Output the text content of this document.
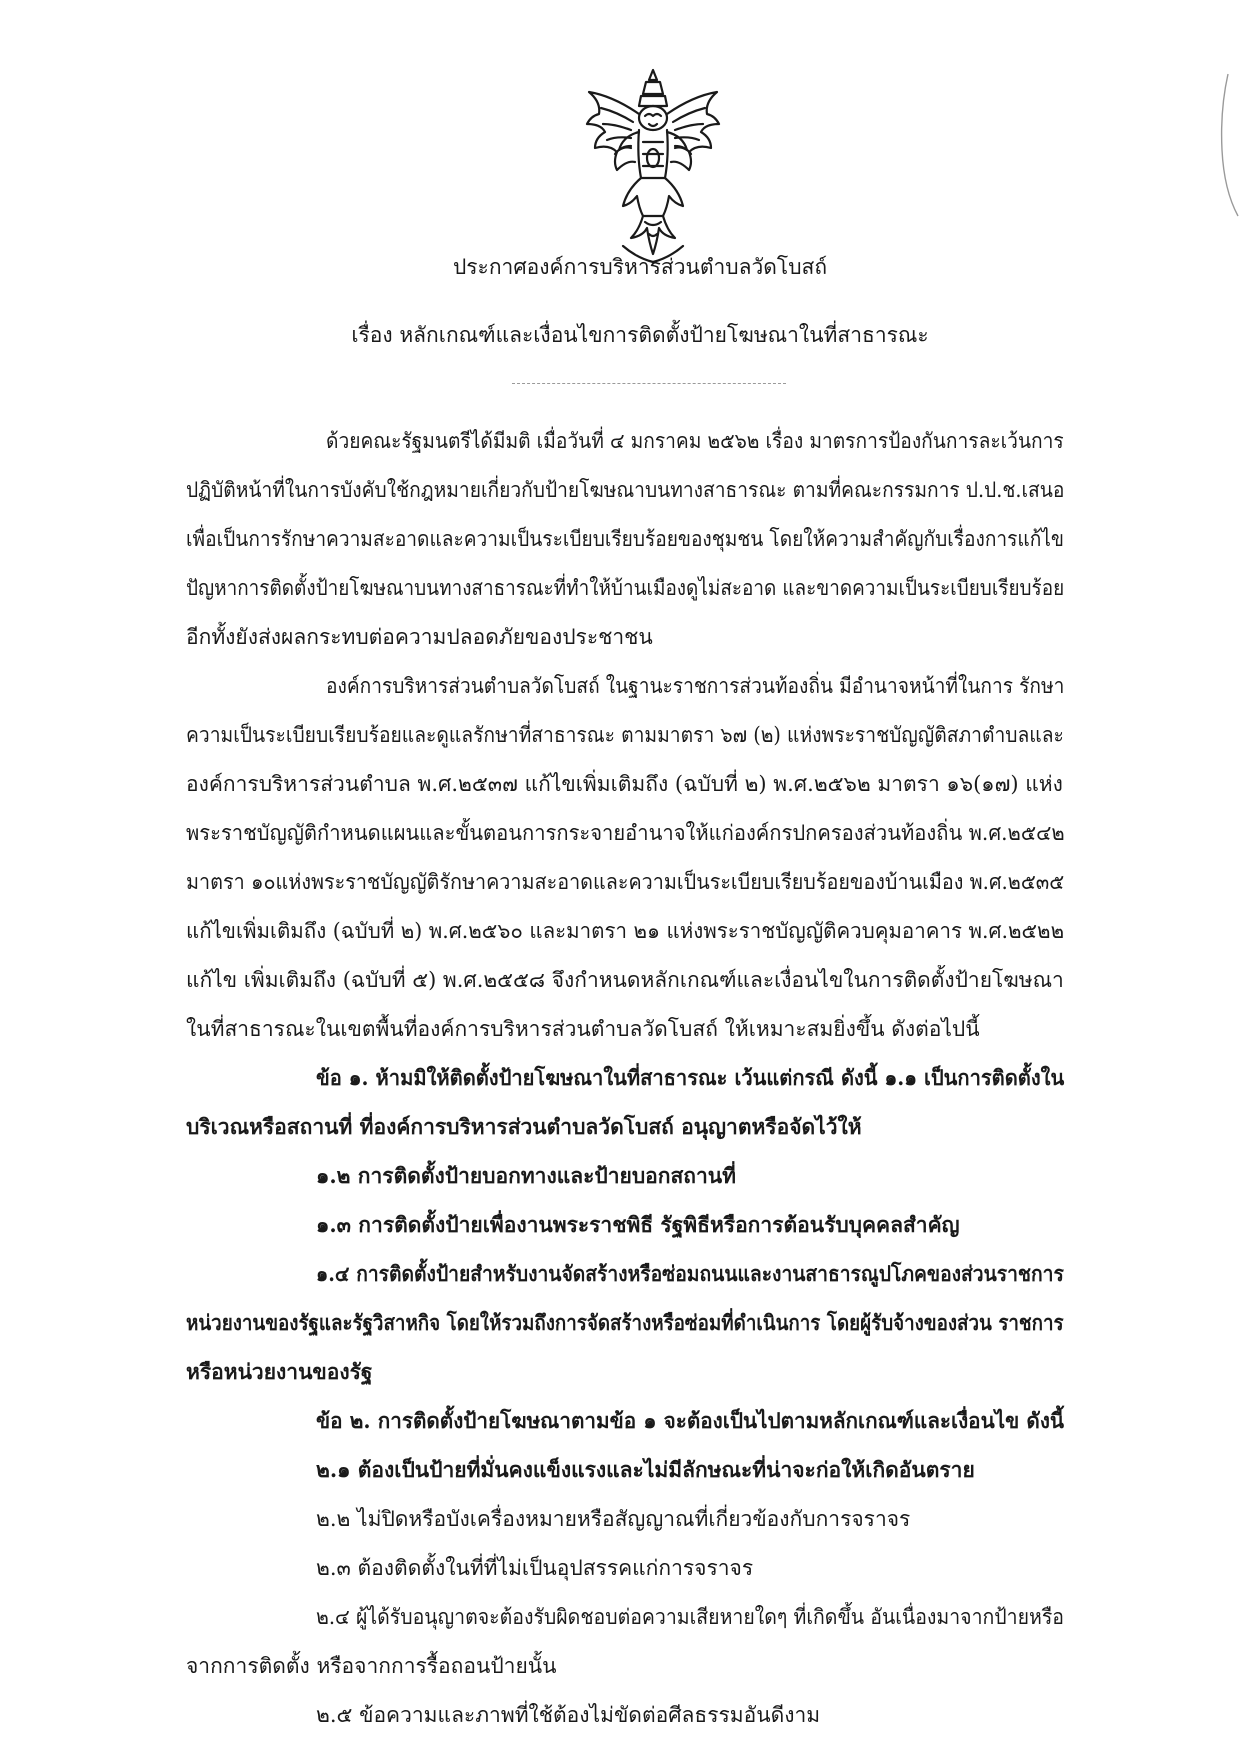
ประกาศองค์การบริหารส่วนตำบลวัดโบสถ์
เรื่อง หลักเกณฑ์และเงื่อนไขการติดตั้งป้ายโฆษณาในที่สาธารณะ
ด้วยคณะรัฐมนตรีได้มีมติ เมื่อวันที่ ๔ มกราคม ๒๕๖๒ เรื่อง มาตรการป้องกันการละเว้นการ
ปฏิบัติหน้าที่ในการบังคับใช้กฎหมายเกี่ยวกับป้ายโฆษณาบนทางสาธารณะ ตามที่คณะกรรมการ ป.ป.ช.เสนอ
เพื่อเป็นการรักษาความสะอาดและความเป็นระเบียบเรียบร้อยของชุมชน โดยให้ความสำคัญกับเรื่องการแก้ไข
ปัญหาการติดตั้งป้ายโฆษณาบนทางสาธารณะที่ทำให้บ้านเมืองดูไม่สะอาด และขาดความเป็นระเบียบเรียบร้อย
อีกทั้งยังส่งผลกระทบต่อความปลอดภัยของประชาชน
องค์การบริหารส่วนตำบลวัดโบสถ์ ในฐานะราชการส่วนท้องถิ่น มีอำนาจหน้าที่ในการ รักษา
ความเป็นระเบียบเรียบร้อยและดูแลรักษาที่สาธารณะ ตามมาตรา ๖๗ (๒) แห่งพระราชบัญญัติสภาตำบลและ
องค์การบริหารส่วนตำบล พ.ศ.๒๕๓๗ แก้ไขเพิ่มเติมถึง (ฉบับที่ ๒) พ.ศ.๒๕๖๒ มาตรา ๑๖(๑๗) แห่ง
พระราชบัญญัติกำหนดแผนและขั้นตอนการกระจายอำนาจให้แก่องค์กรปกครองส่วนท้องถิ่น พ.ศ.๒๕๔๒
มาตรา ๑๐แห่งพระราชบัญญัติรักษาความสะอาดและความเป็นระเบียบเรียบร้อยของบ้านเมือง พ.ศ.๒๕๓๕
แก้ไขเพิ่มเติมถึง (ฉบับที่ ๒) พ.ศ.๒๕๖๐ และมาตรา ๒๑ แห่งพระราชบัญญัติควบคุมอาคาร พ.ศ.๒๕๒๒
แก้ไข เพิ่มเติมถึง (ฉบับที่ ๕) พ.ศ.๒๕๕๘ จึงกำหนดหลักเกณฑ์และเงื่อนไขในการติดตั้งป้ายโฆษณา
ในที่สาธารณะในเขตพื้นที่องค์การบริหารส่วนตำบลวัดโบสถ์ ให้เหมาะสมยิ่งขึ้น ดังต่อไปนี้
ข้อ ๑. ห้ามมิให้ติดตั้งป้ายโฆษณาในที่สาธารณะ เว้นแต่กรณี ดังนี้ ๑.๑ เป็นการติดตั้งใน
บริเวณหรือสถานที่ ที่องค์การบริหารส่วนตำบลวัดโบสถ์ อนุญาตหรือจัดไว้ให้
๑.๒ การติดตั้งป้ายบอกทางและป้ายบอกสถานที่
๑.๓ การติดตั้งป้ายเพื่องานพระราชพิธี รัฐพิธีหรือการต้อนรับบุคคลสำคัญ
๑.๔ การติดตั้งป้ายสำหรับงานจัดสร้างหรือซ่อมถนนและงานสาธารณูปโภคของส่วนราชการ
หน่วยงานของรัฐและรัฐวิสาหกิจ โดยให้รวมถึงการจัดสร้างหรือซ่อมที่ดำเนินการ โดยผู้รับจ้างของส่วน ราชการ
หรือหน่วยงานของรัฐ
ข้อ ๒. การติดตั้งป้ายโฆษณาตามข้อ ๑ จะต้องเป็นไปตามหลักเกณฑ์และเงื่อนไข ดังนี้
๒.๑ ต้องเป็นป้ายที่มั่นคงแข็งแรงและไม่มีลักษณะที่น่าจะก่อให้เกิดอันตราย
๒.๒ ไม่ปิดหรือบังเครื่องหมายหรือสัญญาณที่เกี่ยวข้องกับการจราจร
๒.๓ ต้องติดตั้งในที่ที่ไม่เป็นอุปสรรคแก่การจราจร
๒.๔ ผู้ได้รับอนุญาตจะต้องรับผิดชอบต่อความเสียหายใดๆ ที่เกิดขึ้น อันเนื่องมาจากป้ายหรือ
จากการติดตั้ง หรือจากการรื้อถอนป้ายนั้น
๒.๕ ข้อความและภาพที่ใช้ต้องไม่ขัดต่อศีลธรรมอันดีงาม
